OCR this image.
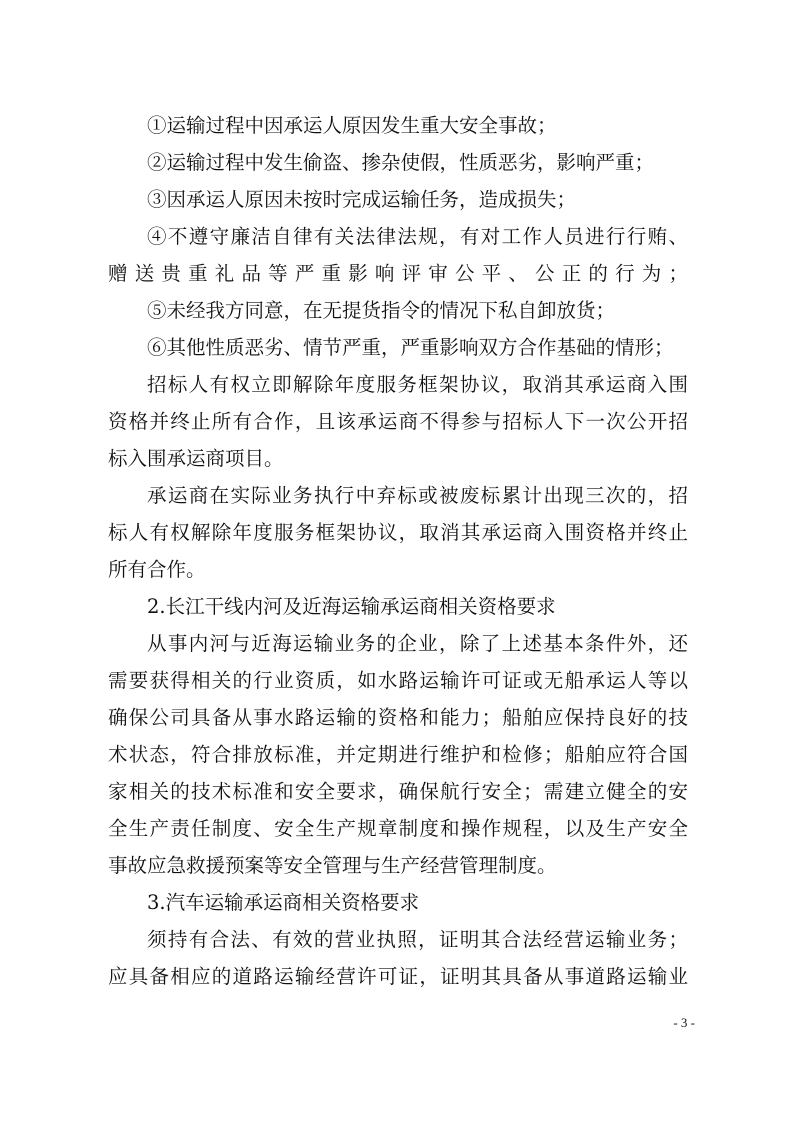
①运输过程中因承运人原因发生重大安全事故；
②运输过程中发生偷盗、掺杂使假，性质恶劣，影响严重；
③因承运人原因未按时完成运输任务，造成损失；
④不遵守廉洁自律有关法律法规，有对工作人员进行行贿、
赠送贵重礼品等严重影响评审公平、公正的行为；
⑤未经我方同意，在无提货指令的情况下私自卸放货；
⑥其他性质恶劣、情节严重，严重影响双方合作基础的情形；
招标人有权立即解除年度服务框架协议，取消其承运商入围
资格并终止所有合作，且该承运商不得参与招标人下一次公开招
标入围承运商项目。
承运商在实际业务执行中弃标或被废标累计出现三次的，招
标人有权解除年度服务框架协议，取消其承运商入围资格并终止
所有合作。
2.长江干线内河及近海运输承运商相关资格要求
从事内河与近海运输业务的企业，除了上述基本条件外，还
需要获得相关的行业资质，如水路运输许可证或无船承运人等以
确保公司具备从事水路运输的资格和能力；船舶应保持良好的技
术状态，符合排放标准，并定期进行维护和检修；船舶应符合国
家相关的技术标准和安全要求，确保航行安全；需建立健全的安
全生产责任制度、安全生产规章制度和操作规程，以及生产安全
事故应急救援预案等安全管理与生产经营管理制度。
3.汽车运输承运商相关资格要求
须持有合法、有效的营业执照，证明其合法经营运输业务；
应具备相应的道路运输经营许可证，证明其具备从事道路运输业
- 3 -
